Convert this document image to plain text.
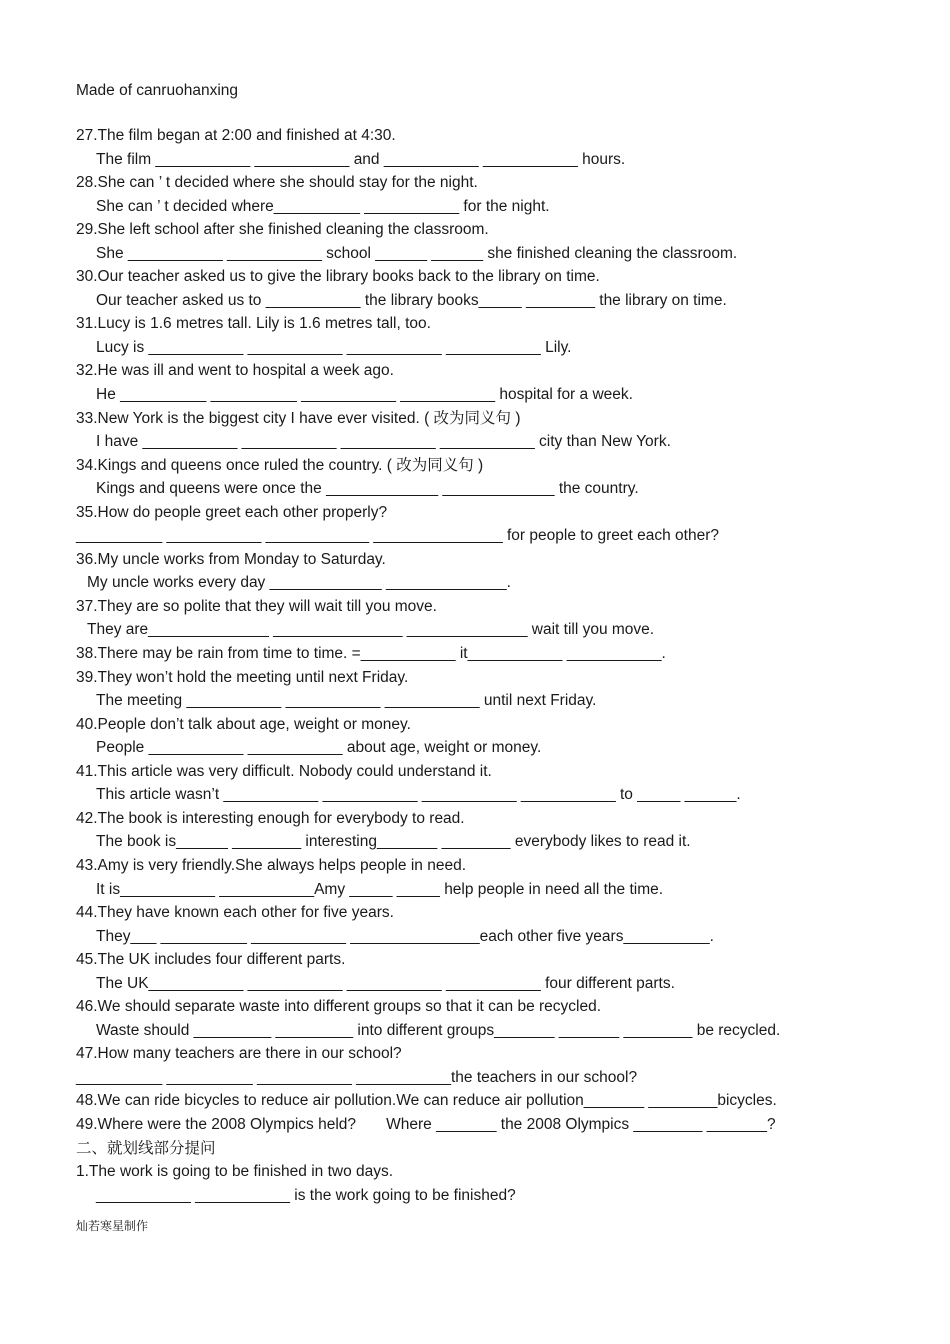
Made of canruohanxing
27.The film began at 2:00 and finished at 4:30.
The film ___________ ___________ and ___________ ___________ hours.
28.She can ’ t decided where she should stay for the night.
She can ’ t decided where__________ ___________ for the night.
29.She left school after she finished cleaning the classroom.
She ___________ ___________ school ______ ______ she finished cleaning the classroom.
30.Our teacher asked us to give the library books back to the library on time.
Our teacher asked us to ___________ the library books_____ ________ the library on time.
31.Lucy is 1.6 metres tall. Lily is 1.6 metres tall, too.
Lucy is ___________ ___________ ___________ ___________ Lily.
32.He was ill and went to hospital a week ago.
He __________ __________ ___________ ___________ hospital for a week.
33.New York is the biggest city I have ever visited. ( 改为同义句 )
I have ___________ ___________ ___________ ___________ city than New York.
34.Kings and queens once ruled the country. ( 改为同义句 )
Kings and queens were once the _____________ _____________ the country.
35.How do people greet each other properly?
__________ ___________ ____________ _______________ for people to greet each other?
36.My uncle works from Monday to Saturday.
My uncle works every day _____________ ______________.
37.They are so polite that they will wait till you move.
They are______________ _______________ ______________ wait till you move.
38.There may be rain from time to time. =___________ it___________ ___________.
39.They won’t hold the meeting until next Friday.
The meeting ___________ ___________ ___________ until next Friday.
40.People don’t talk about age, weight or money.
People ___________ ___________ about age, weight or money.
41.This article was very difficult. Nobody could understand it.
This article wasn’t ___________ ___________ ___________ ___________ to _____ ______.
42.The book is interesting enough for everybody to read.
The book is______ ________ interesting_______ ________ everybody likes to read it.
43.Amy is very friendly.She always helps people in need.
It is___________ ___________Amy _____ _____ help people in need all the time.
44.They have known each other for five years.
They___ __________ ___________ _______________each other five years__________.
45.The UK includes four different parts.
The UK___________ ___________ ___________ ___________ four different parts.
46.We should separate waste into different groups so that it can be recycled.
Waste should _________ _________ into different groups_______ _______ ________ be recycled.
47.How many teachers are there in our school?
__________ __________ ___________ ___________the teachers in our school?
48.We can ride bicycles to reduce air pollution.We can reduce air pollution_______ ________bicycles.
49.Where were the 2008 Olympics held?       Where _______ the 2008 Olympics ________ _______?
二、就划线部分提问
1.The work is going to be finished in two days.
___________ ___________ is the work going to be finished?
灿若寒星制作
